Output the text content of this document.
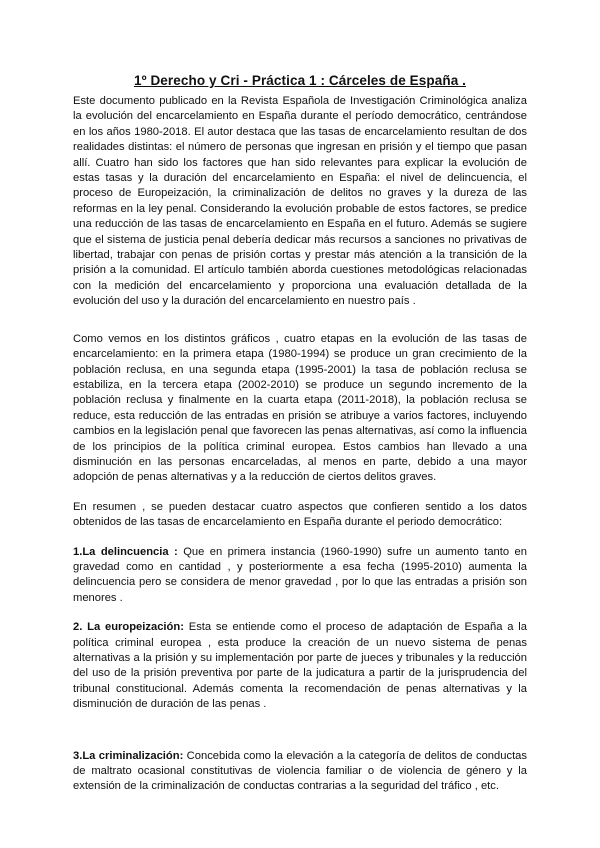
1º Derecho y Cri - Práctica 1 : Cárceles de España .

Este documento publicado en la Revista Española de Investigación Criminológica analiza la evolución del encarcelamiento en España durante el período democrático, centrándose en los años 1980-2018. El autor destaca que las tasas de encarcelamiento resultan de dos realidades distintas: el número de personas que ingresan en prisión y el tiempo que pasan allí. Cuatro han sido los factores que han sido relevantes para explicar la evolución de estas tasas y la duración del encarcelamiento en España: el nivel de delincuencia, el proceso de Europeización, la criminalización de delitos no graves y la dureza de las reformas en la ley penal. Considerando la evolución probable de estos factores, se predice una reducción de las tasas de encarcelamiento en España en el futuro. Además se sugiere que el sistema de justicia penal debería dedicar más recursos a sanciones no privativas de libertad, trabajar con penas de prisión cortas y prestar más atención a la transición de la prisión a la comunidad. El artículo también aborda cuestiones metodológicas relacionadas con la medición del encarcelamiento y proporciona una evaluación detallada de la evolución del uso y la duración del encarcelamiento en nuestro país .

Como vemos en los distintos gráficos , cuatro etapas en la evolución de las tasas de encarcelamiento: en la primera etapa (1980-1994) se produce un gran crecimiento de la población reclusa, en una segunda etapa (1995-2001) la tasa de población reclusa se estabiliza, en la tercera etapa (2002-2010) se produce un segundo incremento de la población reclusa y finalmente en la cuarta etapa (2011-2018), la población reclusa se reduce, esta reducción de las entradas en prisión se atribuye a varios factores, incluyendo cambios en la legislación penal que favorecen las penas alternativas, así como la influencia de los principios de la política criminal europea. Estos cambios han llevado a una disminución en las personas encarceladas, al menos en parte, debido a una mayor adopción de penas alternativas y a la reducción de ciertos delitos graves.

En resumen , se pueden destacar cuatro aspectos que confieren sentido a los datos obtenidos de las tasas de encarcelamiento en España durante el periodo democrático:

1.La delincuencia : Que en primera instancia (1960-1990) sufre un aumento tanto en gravedad como en cantidad , y posteriormente a esa fecha (1995-2010) aumenta la delincuencia pero se considera de menor gravedad , por lo que las entradas a prisión son menores .

2. La europeización: Esta se entiende como el proceso de adaptación de España a la política criminal europea , esta produce la creación de un nuevo sistema de penas alternativas a la prisión y su implementación por parte de jueces y tribunales y la reducción del uso de la prisión preventiva por parte de la judicatura a partir de la jurisprudencia del tribunal constitucional. Además comenta la recomendación de penas alternativas y la disminución de duración de las penas .

3.La criminalización: Concebida como la elevación a la categoría de delitos de conductas de maltrato ocasional constitutivas de violencia familiar o de violencia de género y la extensión de la criminalización de conductas contrarias a la seguridad del tráfico , etc.
